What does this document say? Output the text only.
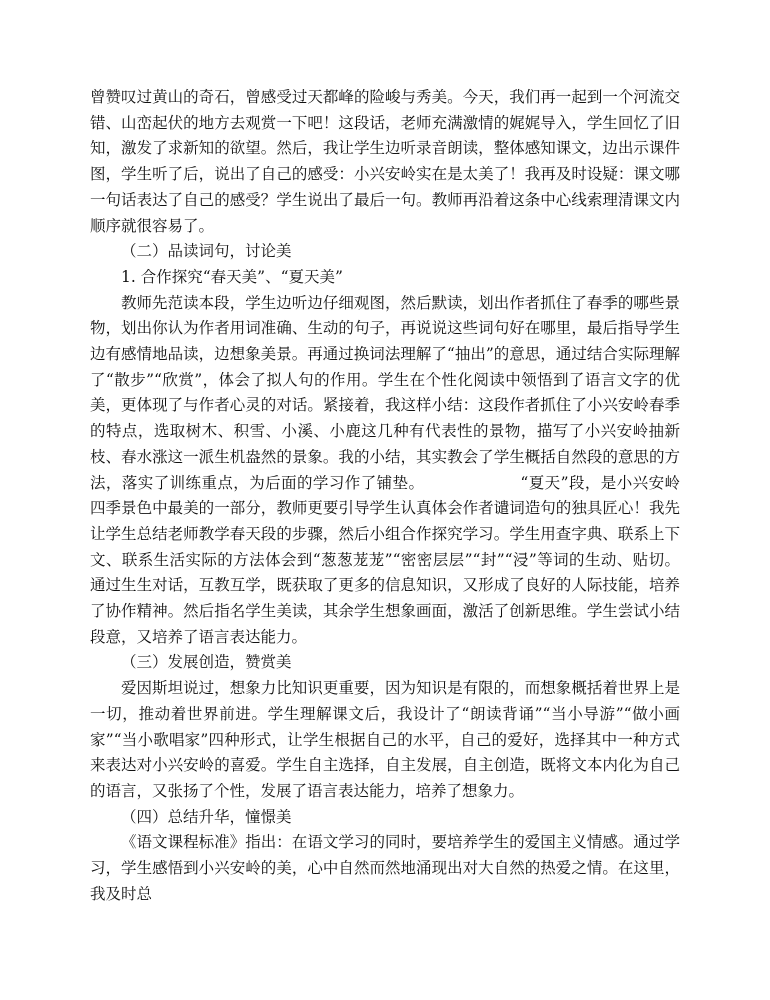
曾赞叹过黄山的奇石，曾感受过天都峰的险峻与秀美。今天，我们再一起到一个河流交错、山峦起伏的地方去观赏一下吧！这段话，老师充满激情的娓娓导入，学生回忆了旧知，激发了求新知的欲望。然后，我让学生边听录音朗读，整体感知课文，边出示课件图，学生听了后，说出了自己的感受：小兴安岭实在是太美了！我再及时设疑：课文哪一句话表达了自己的感受？学生说出了最后一句。教师再沿着这条中心线索理清课文内顺序就很容易了。

（二）品读词句，讨论美

1. 合作探究“春天美”、“夏天美”

教师先范读本段，学生边听边仔细观图，然后默读，划出作者抓住了春季的哪些景物，划出你认为作者用词准确、生动的句子，再说说这些词句好在哪里，最后指导学生边有感情地品读，边想象美景。再通过换词法理解了“抽出”的意思，通过结合实际理解了“散步”“欣赏”，体会了拟人句的作用。学生在个性化阅读中领悟到了语言文字的优美，更体现了与作者心灵的对话。紧接着，我这样小结：这段作者抓住了小兴安岭春季的特点，选取树木、积雪、小溪、小鹿这几种有代表性的景物，描写了小兴安岭抽新枝、春水涨这一派生机盎然的景象。我的小结，其实教会了学生概括自然段的意思的方法，落实了训练重点，为后面的学习作了铺垫。	“夏天”段，是小兴安岭四季景色中最美的一部分，教师更要引导学生认真体会作者谴词造句的独具匠心！我先让学生总结老师教学春天段的步骤，然后小组合作探究学习。学生用查字典、联系上下文、联系生活实际的方法体会到“葱葱茏茏”“密密层层”“封”“浸”等词的生动、贴切。通过生生对话，互教互学，既获取了更多的信息知识，又形成了良好的人际技能，培养了协作精神。然后指名学生美读，其余学生想象画面，激活了创新思维。学生尝试小结段意，又培养了语言表达能力。

（三）发展创造，赞赏美

爱因斯坦说过，想象力比知识更重要，因为知识是有限的，而想象概括着世界上是一切，推动着世界前进。学生理解课文后，我设计了“朗读背诵”“当小导游”“做小画家”“当小歌唱家”四种形式，让学生根据自己的水平，自己的爱好，选择其中一种方式来表达对小兴安岭的喜爱。学生自主选择，自主发展，自主创造，既将文本内化为自己的语言，又张扬了个性，发展了语言表达能力，培养了想象力。

（四）总结升华，憧憬美

《语文课程标准》指出：在语文学习的同时，要培养学生的爱国主义情感。通过学习，学生感悟到小兴安岭的美，心中自然而然地涌现出对大自然的热爱之情。在这里，我及时总
